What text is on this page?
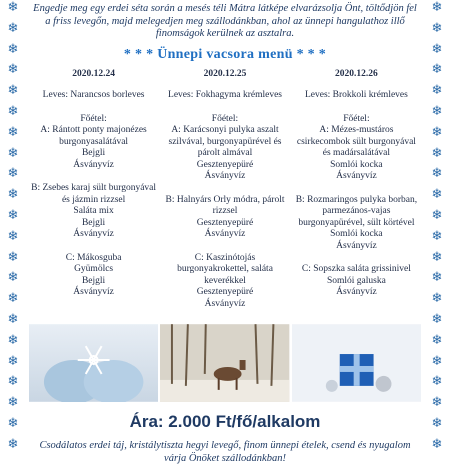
❄
❄
❄
❄
❄
❄
❄
❄
❄
❄
❄
❄
❄
❄
❄
❄
❄
❄
❄
❄
❄
❄
❄
❄
❄
❄
❄
❄
❄
❄
❄
❄
❄
❄
❄
❄
❄
❄
❄
❄
❄
❄
❄
❄
Engedje meg egy erdei séta során a mesés téli Mátra látképe elvarázsolja Önt, töltődjön fel a friss levegőn, majd melegedjen meg szállodánkban, ahol az ünnepi hangulathoz illő finomságok kerülnek az asztalra.
* * * Ünnepi vacsora menü * * *
2020.12.24
Leves: Narancsos borleves
Főétel:
A: Rántott ponty majonézes burgonyasalátával
Bejgli
Ásványvíz
B: Zsebes karaj sült burgonyával és jázmin rizzsel
Saláta mix
Bejgli
Ásványvíz
C: Mákosguba
Gyümölcs
Bejgli
Ásványvíz
2020.12.25
Leves: Fokhagyma krémleves
Főétel:
A: Karácsonyi pulyka aszalt szilvával, burgonyapürével és párolt almával
Gesztenyepüré
Ásványvíz
B: Halnyárs Orly módra, párolt rizzsel
Gesztenyepüré
Ásványvíz
C: Kaszinótojás burgonyakrokettel, saláta keverékkel
Gesztenyepüré
Ásványvíz
2020.12.26
Leves: Brokkoli krémleves
Főétel:
A: Mézes-mustáros csirkecombok sült burgonyával és madársalátával
Somlói kocka
Ásványvíz
B: Rozmaringos pulyka borban, parmezános-vajas burgonyapürével, sült körtével
Somlói kocka
Ásványvíz
C: Sopszka saláta grissinivel
Somlói galuska
Ásványvíz
Ára: 2.000 Ft/fő/alkalom
Csodálatos erdei táj, kristálytiszta hegyi levegő, finom ünnepi ételek, csend és nyugalom várja Önöket szállodánkban!
